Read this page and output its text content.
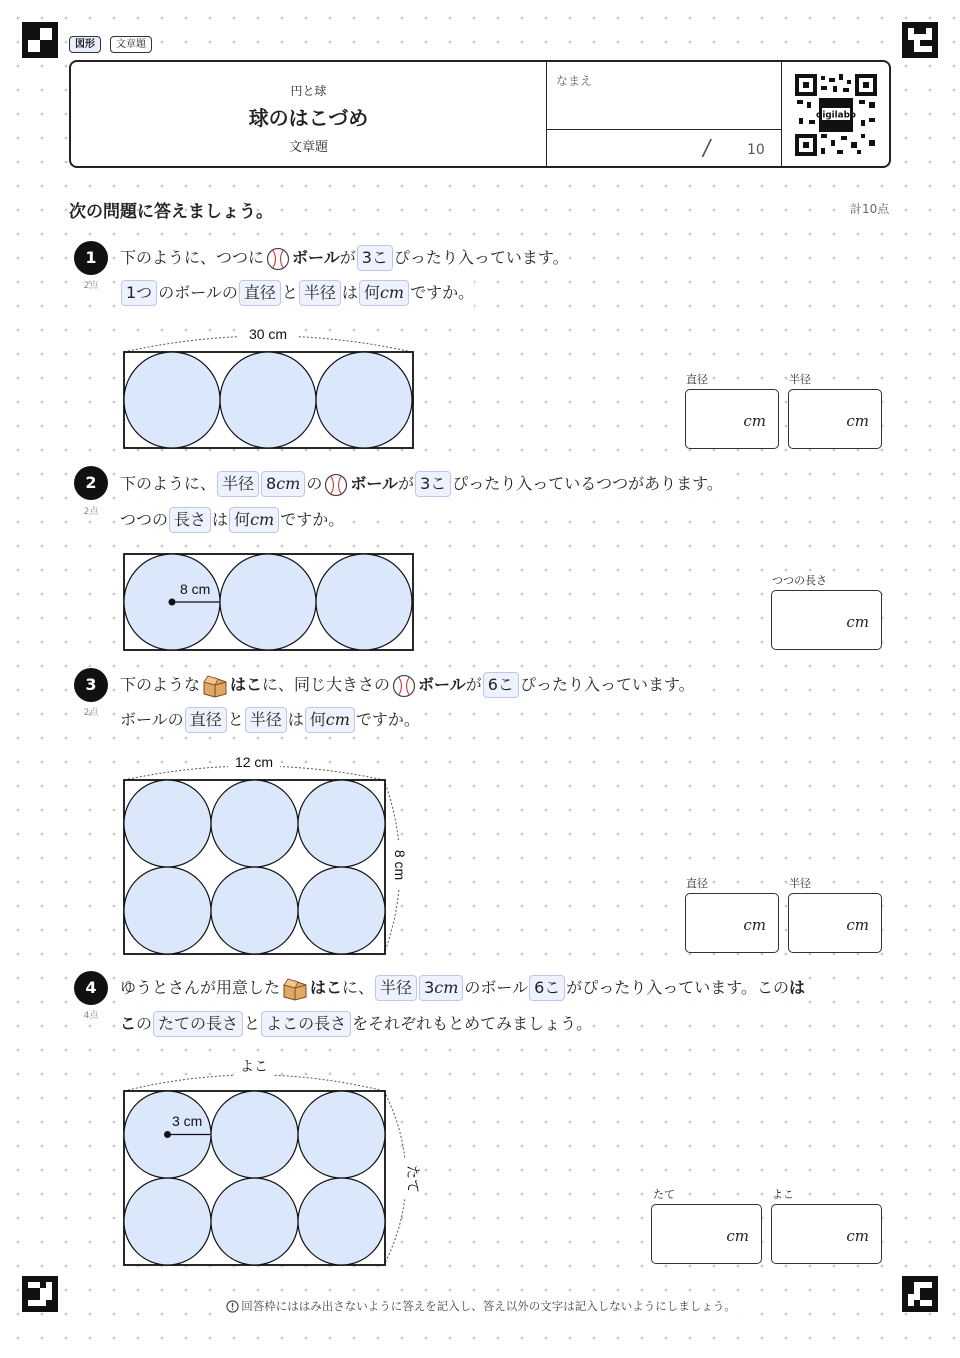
図形	文章題
円と球
球のはこづめ
文章題
なまえ
/ 10
digilabo
次の問題に答えましょう。	計10点
1
2点
下のように、つつに ボールが 3こ ぴったり入っています。
1つ のボールの 直径 と 半径 は 何cm ですか。
30 cm
直径
cm
半径
cm
2
2点
下のように、 半径 8cm の ボールが 3こ ぴったり入っているつつがあります。
つつの 長さ は 何cm ですか。
8 cm
つつの長さ
cm
3
2点
下のような はこに、同じ大きさの ボールが 6こ ぴったり入っています。
ボールの 直径 と 半径 は 何cm ですか。
12 cm
8 cm
直径
cm
半径
cm
4
4点
ゆうとさんが用意した はこに、 半径 3cm のボール 6こ がぴったり入っています。このは
この たての長さ と よこの長さ をそれぞれもとめてみましょう。
よこ
たて
3 cm
たて
cm
よこ
cm
回答枠にははみ出さないように答えを記入し、答え以外の文字は記入しないようにしましょう。
